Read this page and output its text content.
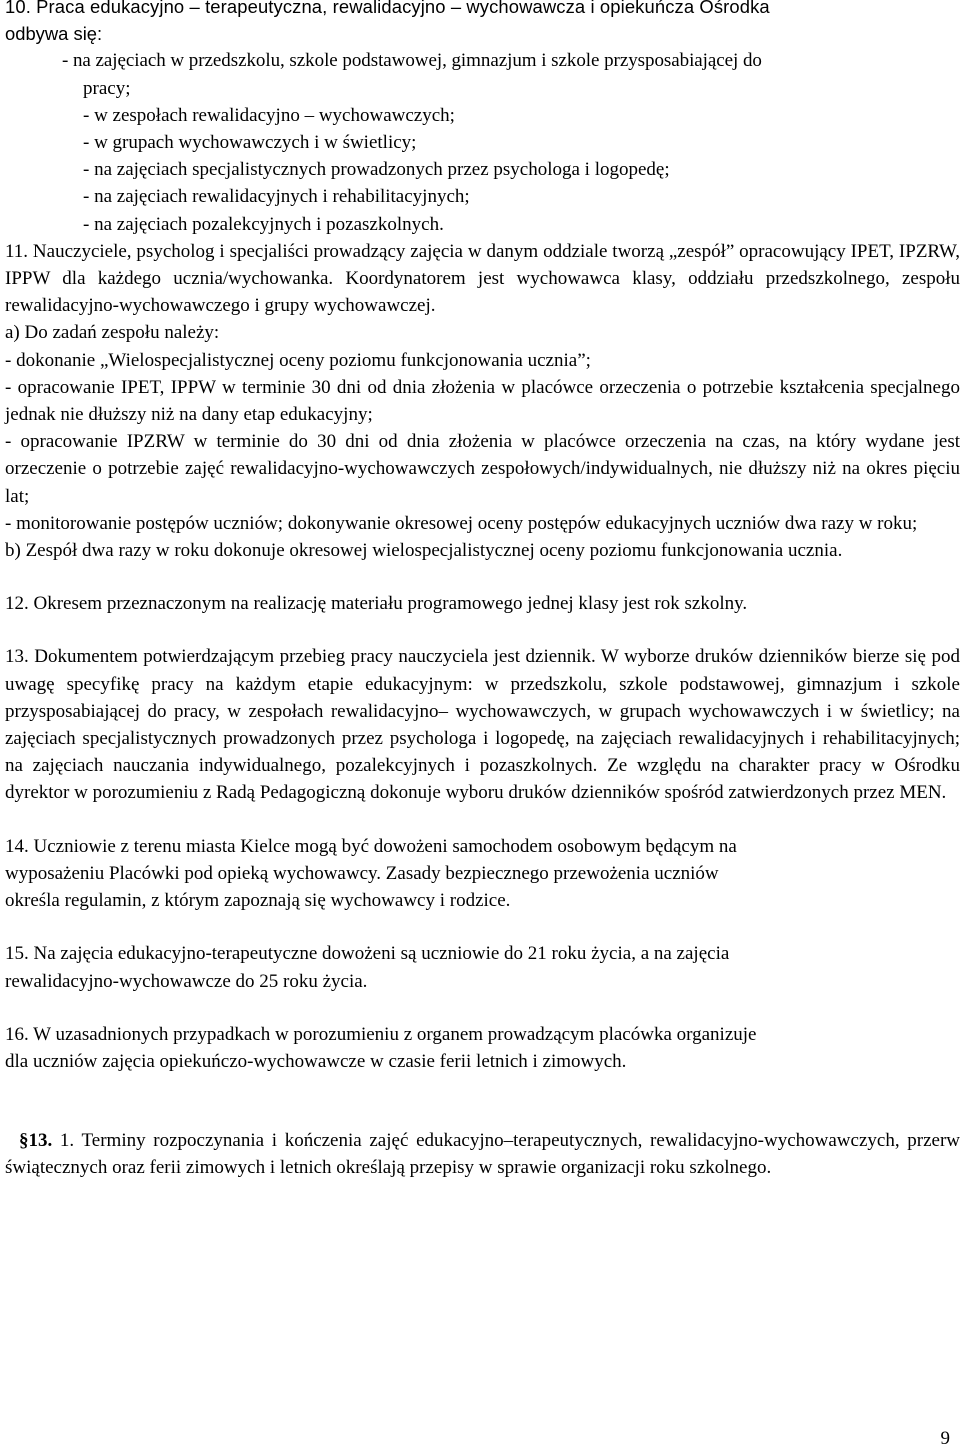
10. Praca edukacyjno – terapeutyczna, rewalidacyjno – wychowawcza i opiekuńcza Ośrodka

odbywa się:

- na zajęciach w przedszkolu, szkole podstawowej, gimnazjum i szkole przysposabiającej do

pracy;

- w zespołach rewalidacyjno – wychowawczych;

- w grupach wychowawczych i w świetlicy;

- na zajęciach specjalistycznych prowadzonych przez psychologa i logopedę;

- na zajęciach rewalidacyjnych i rehabilitacyjnych;

- na zajęciach pozalekcyjnych i pozaszkolnych.

11. Nauczyciele, psycholog i specjaliści prowadzący zajęcia w danym oddziale tworzą „zespół” opracowujący IPET, IPZRW, IPPW dla każdego ucznia/wychowanka. Koordynatorem jest wychowawca klasy, oddziału przedszkolnego, zespołu rewalidacyjno-wychowawczego i grupy wychowawczej.

a) Do zadań zespołu należy:

- dokonanie „Wielospecjalistycznej oceny poziomu funkcjonowania ucznia”;

- opracowanie IPET, IPPW w terminie 30 dni od dnia złożenia w placówce orzeczenia o potrzebie kształcenia specjalnego jednak nie dłuższy niż na dany etap edukacyjny;

- opracowanie IPZRW w terminie do 30 dni od dnia złożenia w placówce orzeczenia na czas, na który wydane jest orzeczenie o potrzebie zajęć rewalidacyjno-wychowawczych zespołowych/indywidualnych, nie dłuższy niż na okres pięciu lat;

- monitorowanie postępów uczniów; dokonywanie okresowej oceny postępów edukacyjnych uczniów dwa razy w roku;

b) Zespół dwa razy w roku dokonuje okresowej wielospecjalistycznej oceny poziomu funkcjonowania ucznia.

12. Okresem przeznaczonym na realizację materiału programowego jednej klasy jest rok szkolny.

13. Dokumentem potwierdzającym przebieg pracy nauczyciela jest dziennik. W wyborze druków dzienników bierze się pod uwagę specyfikę pracy na każdym etapie edukacyjnym: w przedszkolu, szkole podstawowej, gimnazjum i szkole przysposabiającej do pracy, w zespołach rewalidacyjno– wychowawczych, w grupach wychowawczych i w świetlicy; na zajęciach specjalistycznych prowadzonych przez psychologa i logopedę, na zajęciach rewalidacyjnych i rehabilitacyjnych; na zajęciach nauczania indywidualnego, pozalekcyjnych i pozaszkolnych. Ze względu na charakter pracy w Ośrodku dyrektor w porozumieniu z Radą Pedagogiczną dokonuje wyboru druków dzienników spośród zatwierdzonych przez MEN.

14. Uczniowie z terenu miasta Kielce mogą być dowożeni samochodem osobowym będącym na

wyposażeniu Placówki pod opieką wychowawcy. Zasady bezpiecznego przewożenia uczniów

określa regulamin, z którym zapoznają się wychowawcy i rodzice.

15. Na zajęcia edukacyjno-terapeutyczne dowożeni są uczniowie do 21 roku życia, a na zajęcia

rewalidacyjno-wychowawcze do 25 roku życia.

16. W uzasadnionych przypadkach w porozumieniu z organem prowadzącym placówka organizuje

dla uczniów zajęcia opiekuńczo-wychowawcze w czasie ferii letnich i zimowych.

§13. 1. Terminy rozpoczynania i kończenia zajęć edukacyjno–terapeutycznych, rewalidacyjno-wychowawczych, przerw świątecznych oraz ferii zimowych i letnich określają przepisy w sprawie organizacji roku szkolnego.

9
